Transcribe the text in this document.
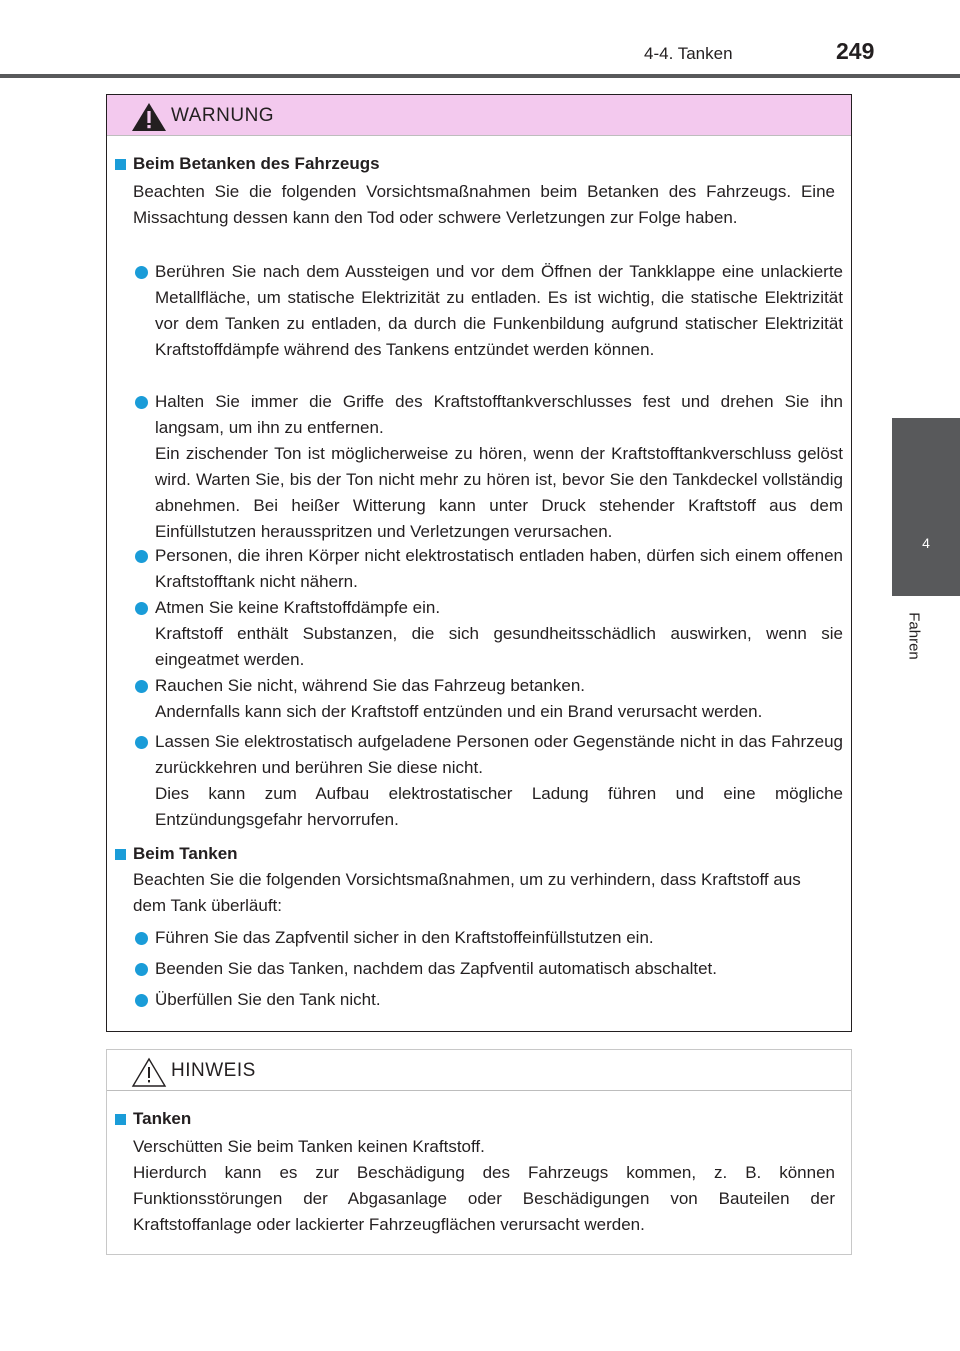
4-4. Tanken	249
4
Fahren
WARNUNG

Beim Betanken des Fahrzeugs

Beachten Sie die folgenden Vorsichtsmaßnahmen beim Betanken des Fahrzeugs. Eine Missachtung dessen kann den Tod oder schwere Verletzungen zur Folge haben.

Berühren Sie nach dem Aussteigen und vor dem Öffnen der Tankklappe eine unlackierte Metallfläche, um statische Elektrizität zu entladen. Es ist wichtig, die statische Elektrizität vor dem Tanken zu entladen, da durch die Funkenbildung aufgrund statischer Elektrizität Kraftstoffdämpfe während des Tankens entzündet werden können.

Halten Sie immer die Griffe des Kraftstofftankverschlusses fest und drehen Sie ihn langsam, um ihn zu entfernen.

Ein zischender Ton ist möglicherweise zu hören, wenn der Kraftstofftankverschluss gelöst wird. Warten Sie, bis der Ton nicht mehr zu hören ist, bevor Sie den Tankdeckel vollständig abnehmen. Bei heißer Witterung kann unter Druck stehender Kraftstoff aus dem Einfüllstutzen herausspritzen und Verletzungen verursachen.

Personen, die ihren Körper nicht elektrostatisch entladen haben, dürfen sich einem offenen Kraftstofftank nicht nähern.

Atmen Sie keine Kraftstoffdämpfe ein.

Kraftstoff enthält Substanzen, die sich gesundheitsschädlich auswirken, wenn sie eingeatmet werden.

Rauchen Sie nicht, während Sie das Fahrzeug betanken.

Andernfalls kann sich der Kraftstoff entzünden und ein Brand verursacht werden.

Lassen Sie elektrostatisch aufgeladene Personen oder Gegenstände nicht in das Fahrzeug zurückkehren und berühren Sie diese nicht.

Dies kann zum Aufbau elektrostatischer Ladung führen und eine mögliche Entzündungsgefahr hervorrufen.

Beim Tanken

Beachten Sie die folgenden Vorsichtsmaßnahmen, um zu verhindern, dass Kraftstoff aus dem Tank überläuft:

Führen Sie das Zapfventil sicher in den Kraftstoffeinfüllstutzen ein.

Beenden Sie das Tanken, nachdem das Zapfventil automatisch abschaltet.

Überfüllen Sie den Tank nicht.

HINWEIS

Tanken

Verschütten Sie beim Tanken keinen Kraftstoff.

Hierdurch kann es zur Beschädigung des Fahrzeugs kommen, z. B. können Funktionsstörungen der Abgasanlage oder Beschädigungen von Bauteilen der Kraftstoffanlage oder lackierter Fahrzeugflächen verursacht werden.
